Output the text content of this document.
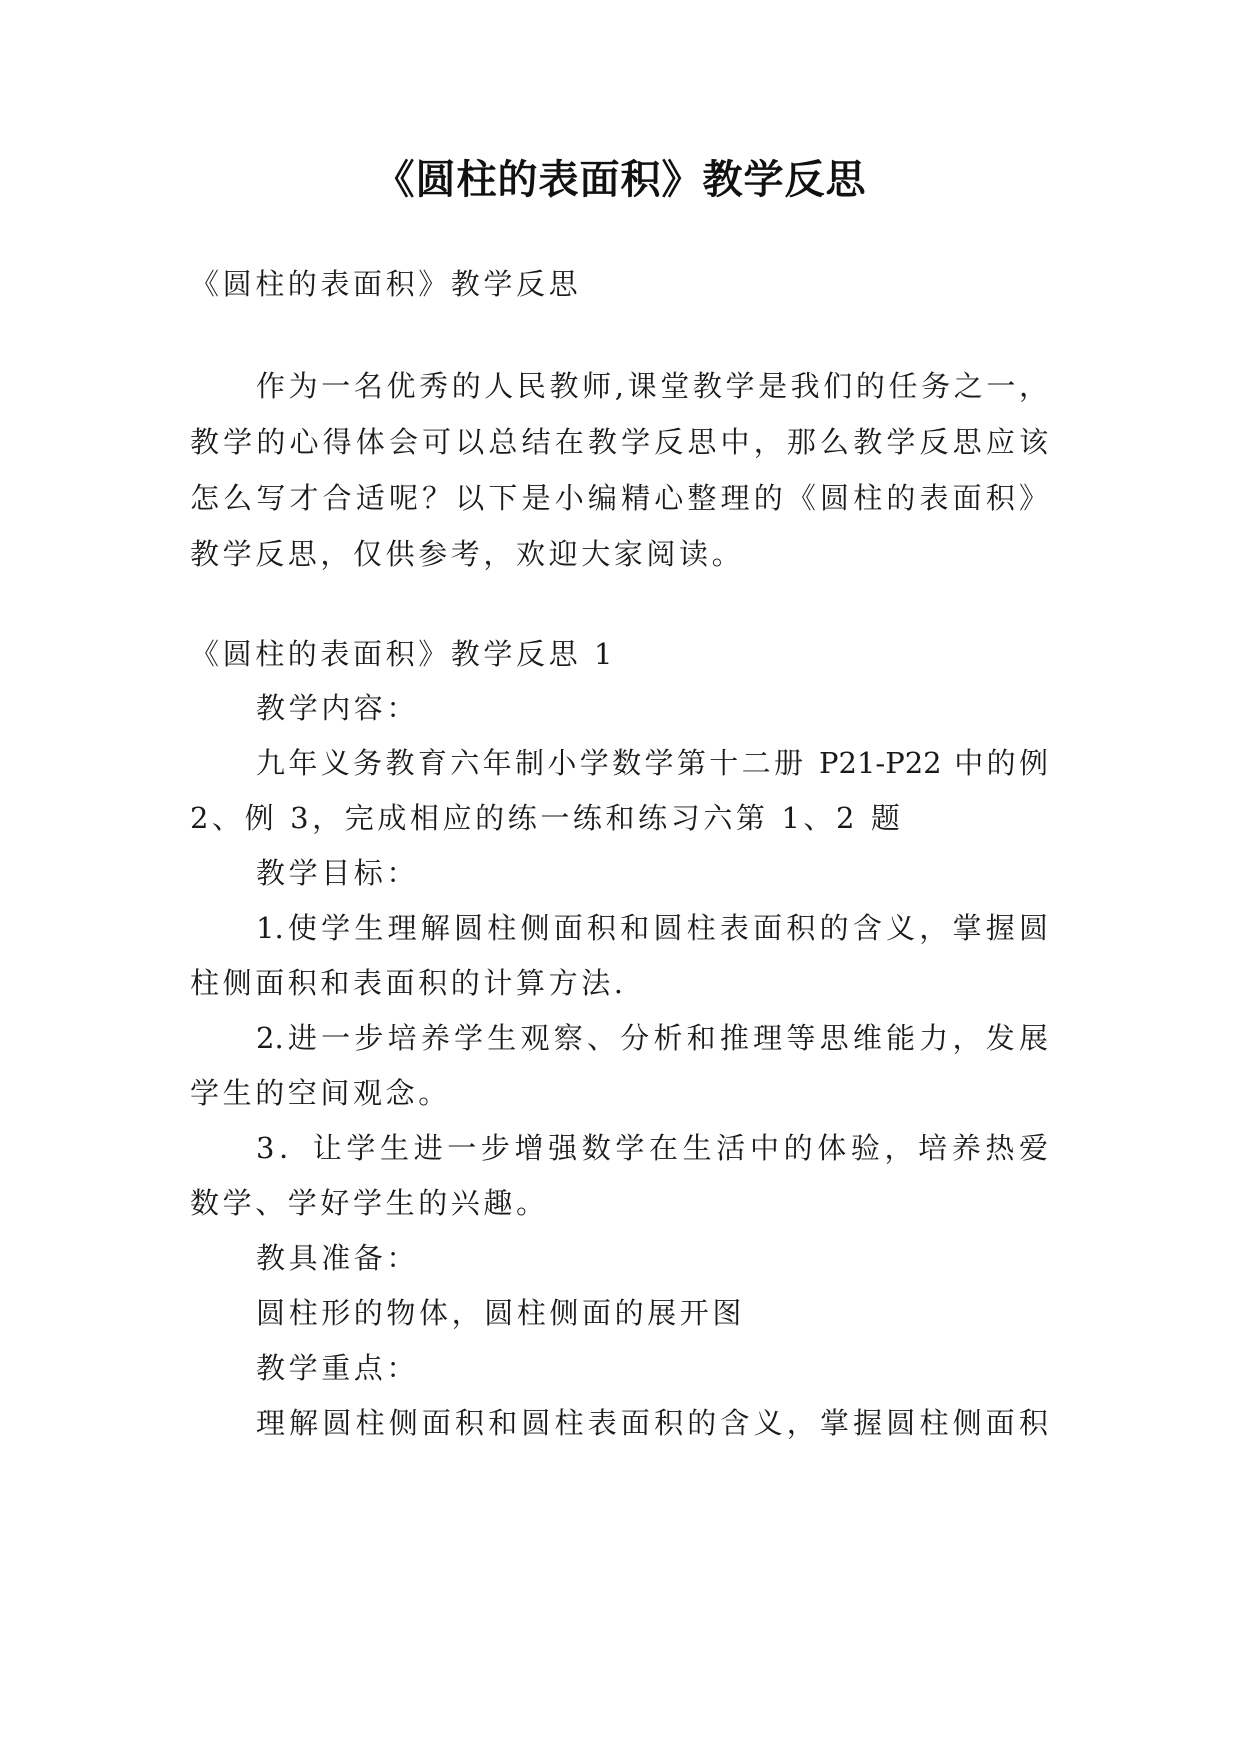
《圆柱的表面积》教学反思
《圆柱的表面积》教学反思
作为一名优秀的人民教师,课堂教学是我们的任务之一，
教学的心得体会可以总结在教学反思中，那么教学反思应该
怎么写才合适呢？以下是小编精心整理的《圆柱的表面积》
教学反思，仅供参考，欢迎大家阅读。
《圆柱的表面积》教学反思 1
教学内容：
九年义务教育六年制小学数学第十二册 P21-P22 中的例
2、例 3，完成相应的练一练和练习六第 1、2 题
教学目标：
1.使学生理解圆柱侧面积和圆柱表面积的含义，掌握圆
柱侧面积和表面积的计算方法.
2.进一步培养学生观察、分析和推理等思维能力，发展
学生的空间观念。
3．让学生进一步增强数学在生活中的体验，培养热爱
数学、学好学生的兴趣。
教具准备：
圆柱形的物体，圆柱侧面的展开图
教学重点：
理解圆柱侧面积和圆柱表面积的含义，掌握圆柱侧面积
